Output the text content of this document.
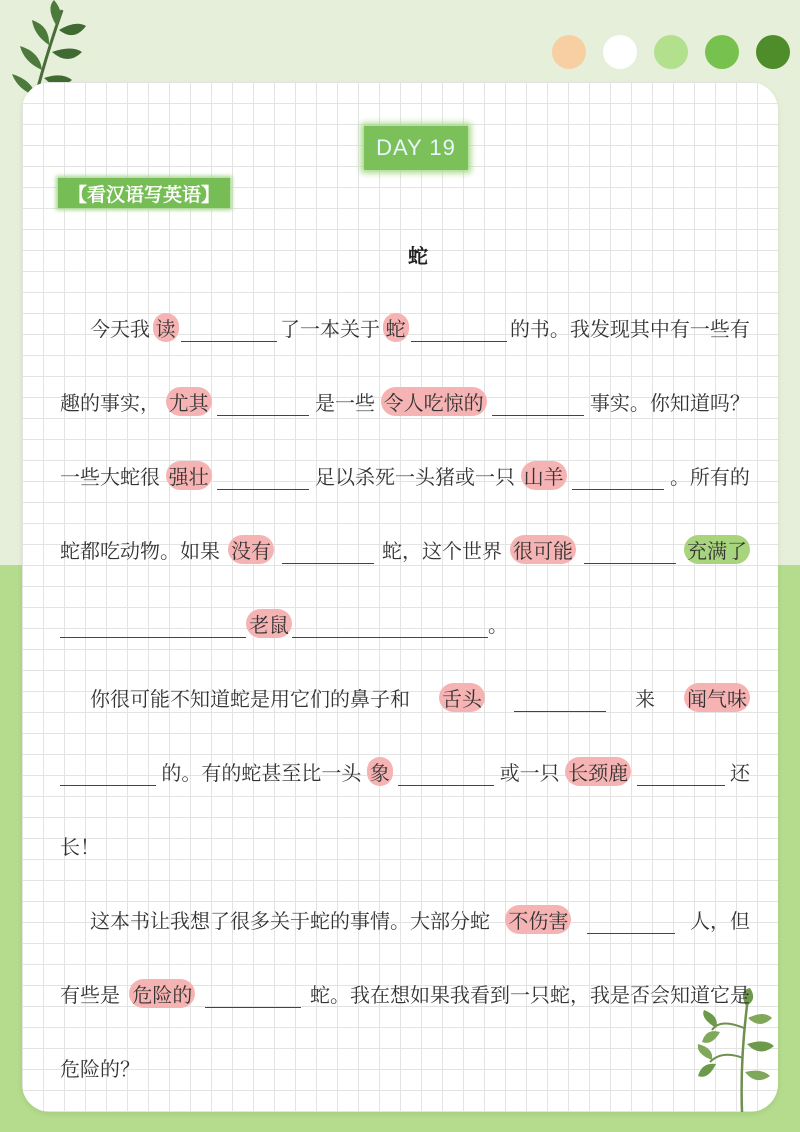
DAY 19
【看汉语写英语】
蛇
今天我 读	了一本关于 蛇	的书。我发现其中有一些有
趣的事实， 尤其	是一些 令人吃惊的	事实。你知道吗？
一些大蛇很 强壮	足以杀死一头猪或一只 山羊	。所有的
蛇都吃动物。如果 没有	蛇，这个世界 很可能	充满了
老鼠	。
你很可能不知道蛇是用它们的鼻子和 舌头	来 闻气味
的。有的蛇甚至比一头 象	或一只 长颈鹿	还
长！
这本书让我想了很多关于蛇的事情。大部分蛇 不伤害	人，但
有些是 危险的	蛇。我在想如果我看到一只蛇，我是否会知道它是
危险的？
